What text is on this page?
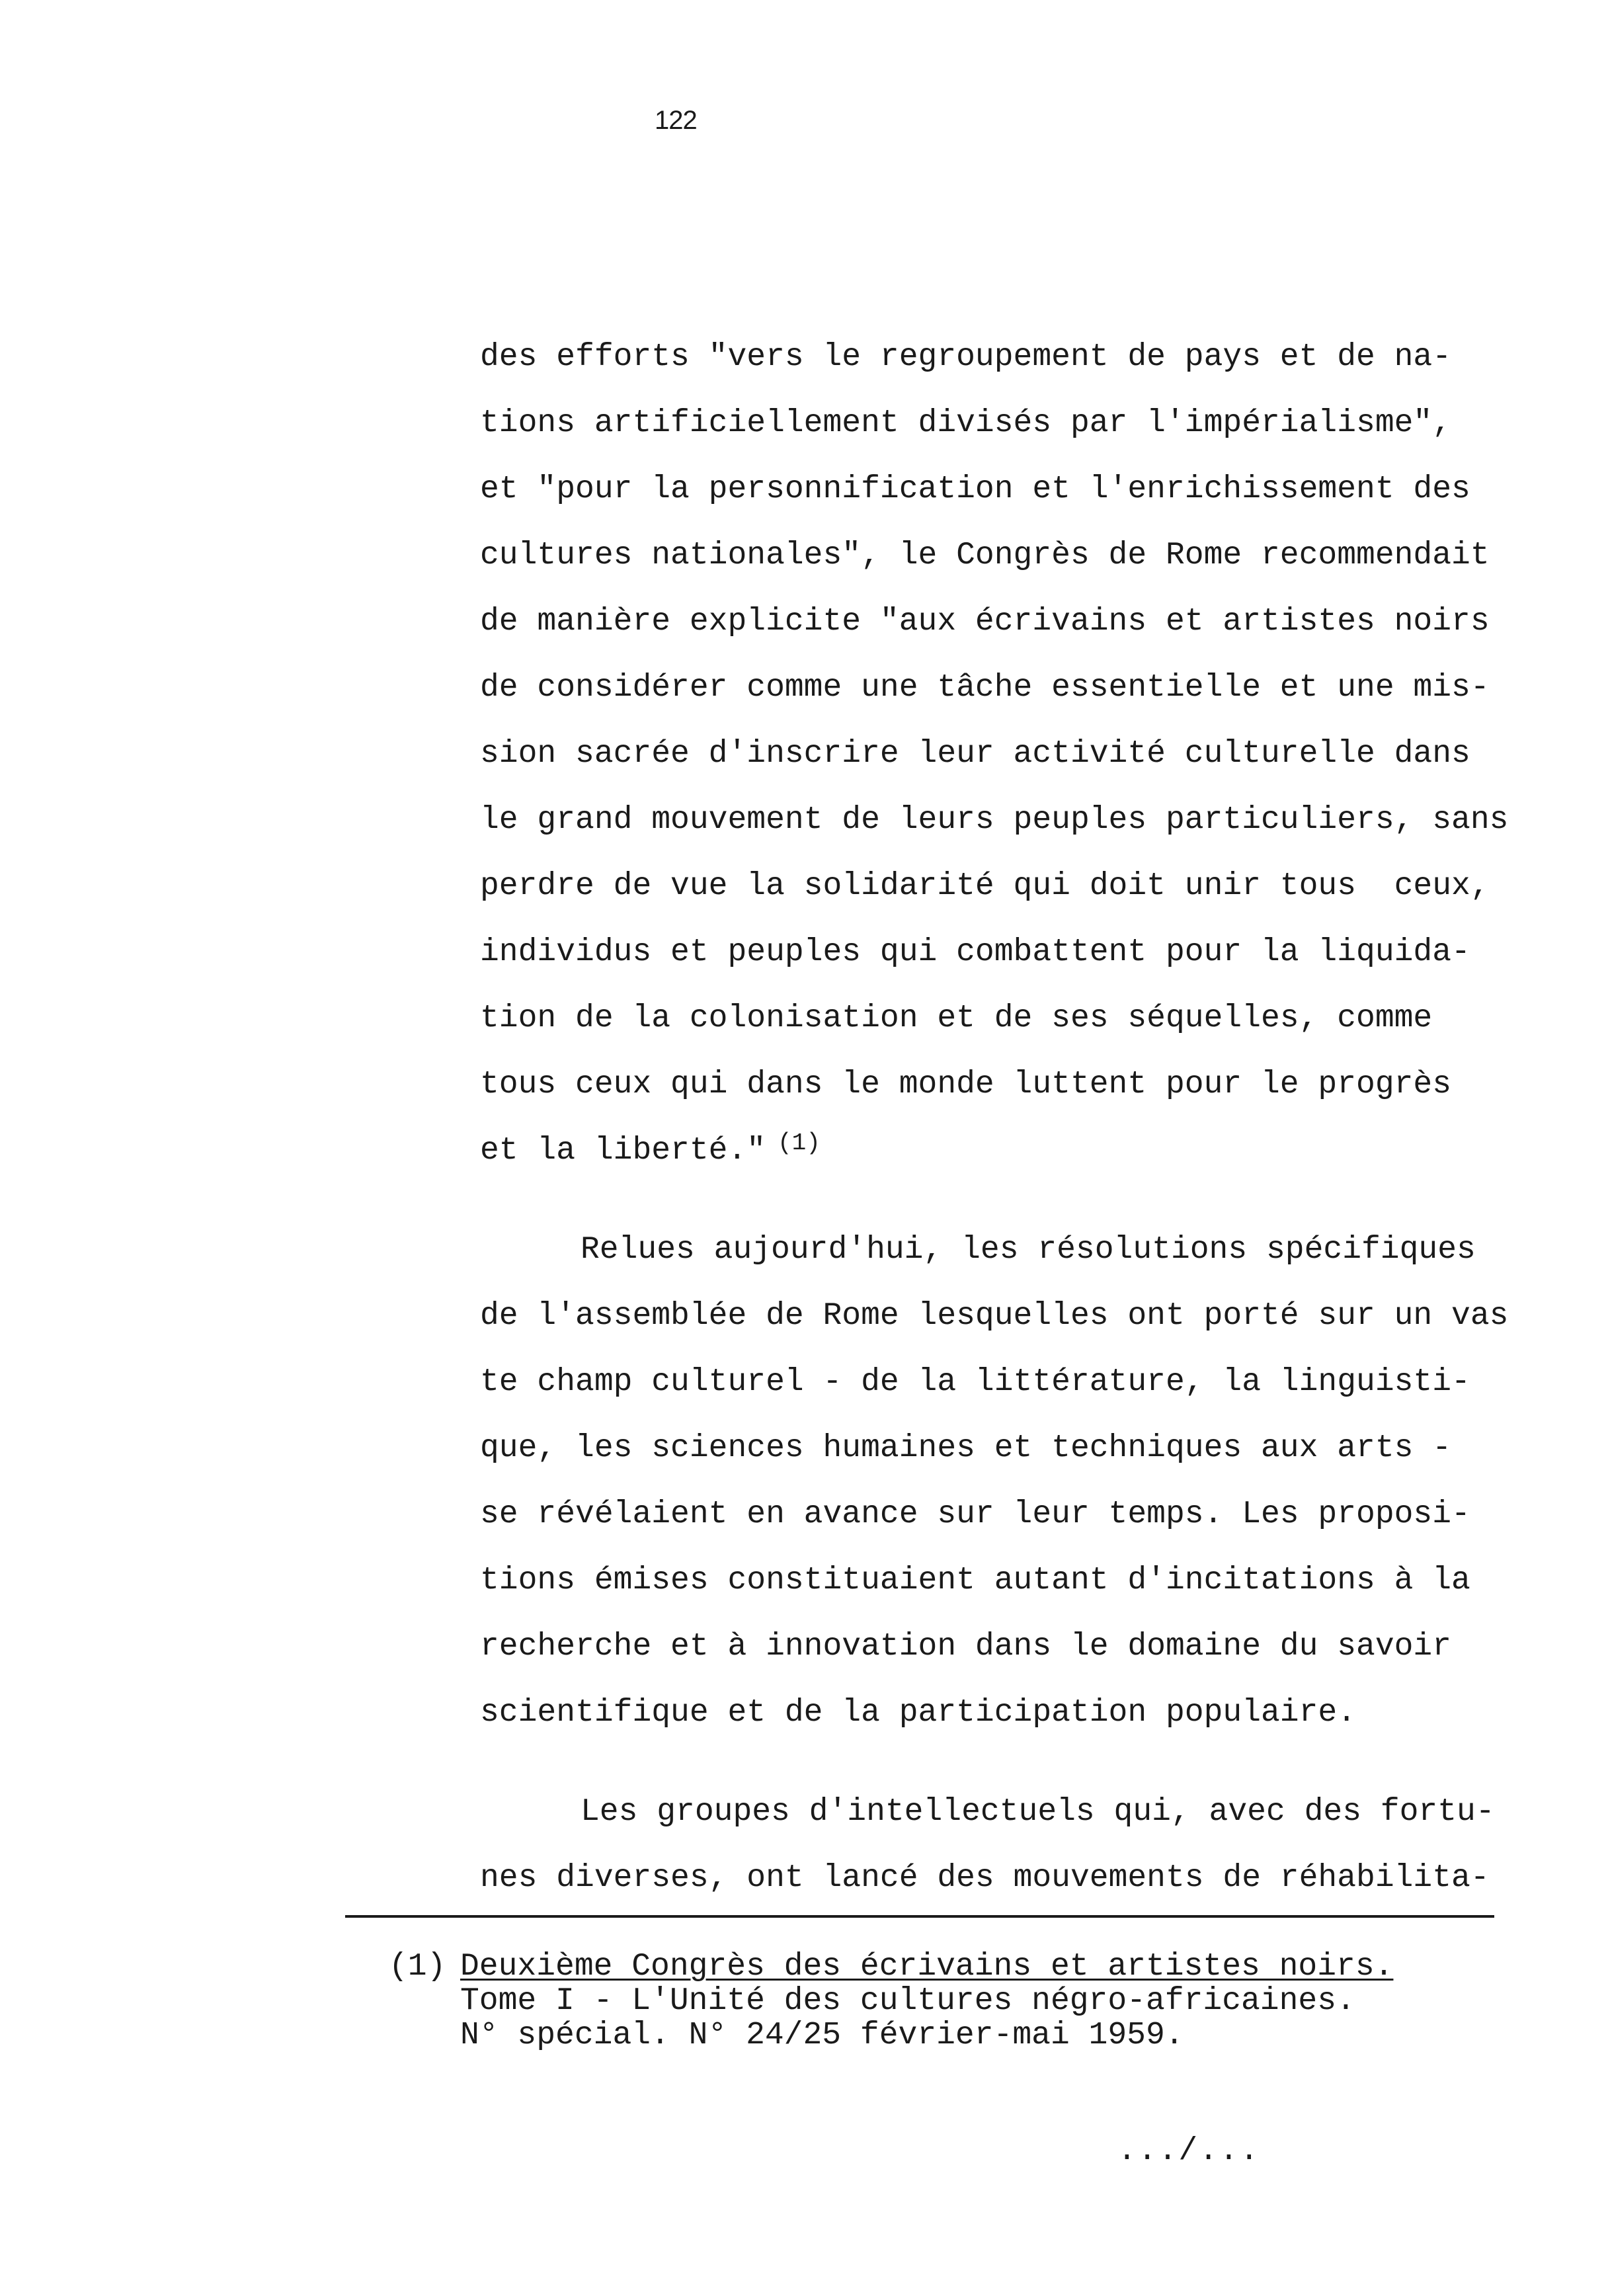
122
des efforts "vers le regroupement de pays et de na-
tions artificiellement divisés par l'impérialisme",
et "pour la personnification et l'enrichissement des
cultures nationales", le Congrès de Rome recommendait
de manière explicite "aux écrivains et artistes noirs
de considérer comme une tâche essentielle et une mis-
sion sacrée d'inscrire leur activité culturelle dans
le grand mouvement de leurs peuples particuliers, sans
perdre de vue la solidarité qui doit unir tous  ceux,
individus et peuples qui combattent pour la liquida-
tion de la colonisation et de ses séquelles, comme
tous ceux qui dans le monde luttent pour le progrès
et la liberté." $^{(1)}$
Relues aujourd'hui, les résolutions spécifiques
de l'assemblée de Rome lesquelles ont porté sur un vas
te champ culturel - de la littérature, la linguisti-
que, les sciences humaines et techniques aux arts -
se révélaient en avance sur leur temps. Les proposi-
tions émises constituaient autant d'incitations à la
recherche et à innovation dans le domaine du savoir
scientifique et de la participation populaire.
Les groupes d'intellectuels qui, avec des fortu-
nes diverses, ont lancé des mouvements de réhabilita-
(1) Deuxième Congrès des écrivains et artistes noirs.
Tome I - L'Unité des cultures négro-africaines.
N° spécial. N° 24/25 février-mai 1959.
.../...
